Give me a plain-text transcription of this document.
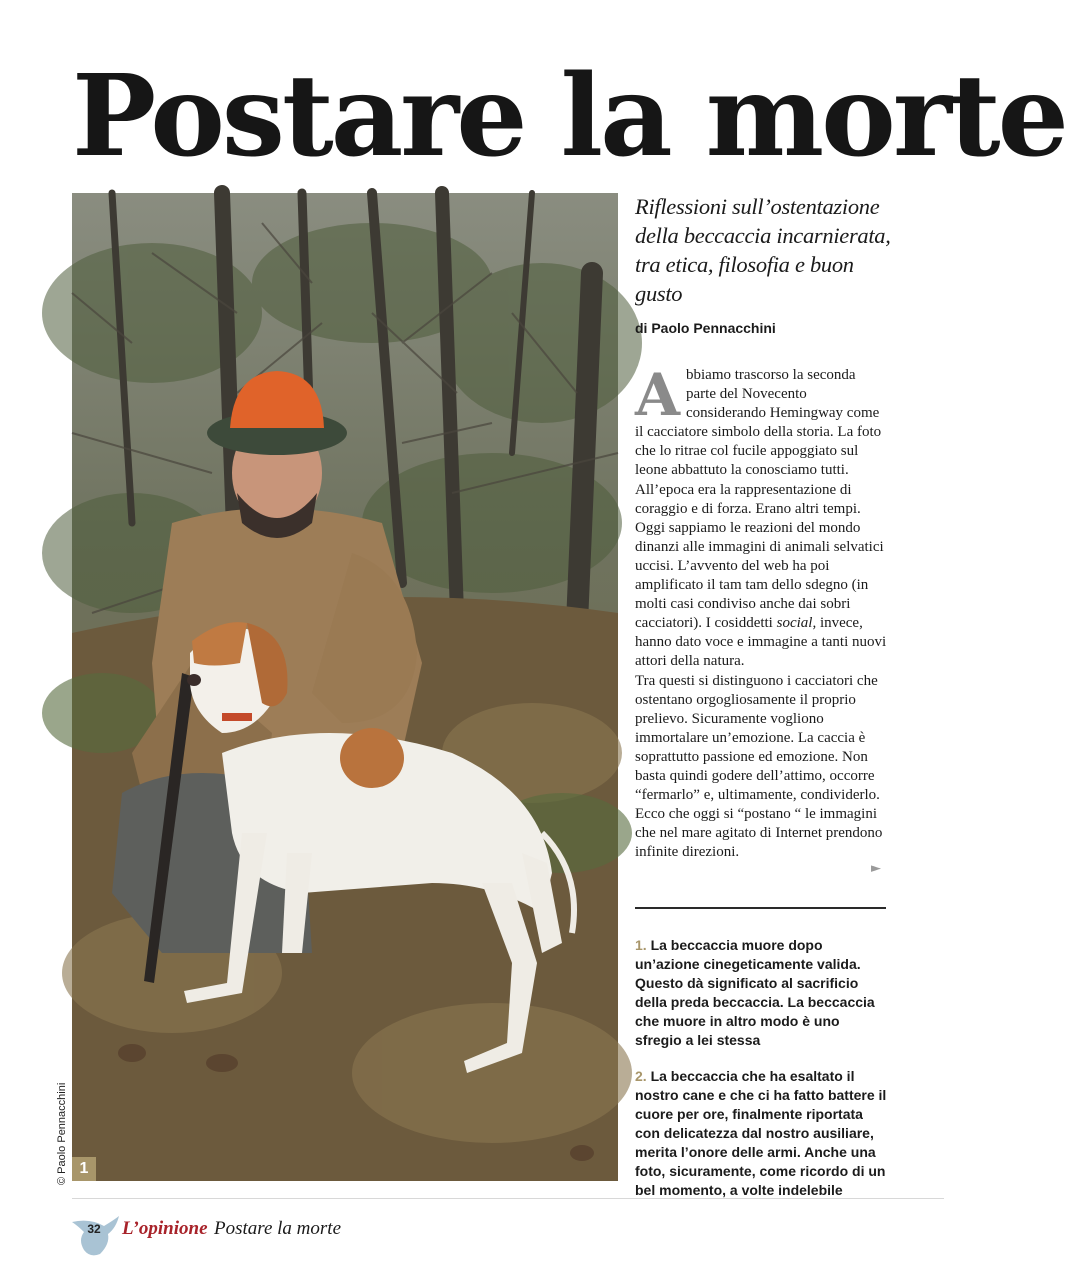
Postare la morte
1
© Paolo Pennacchini
Riflessioni sull’ostentazione della beccaccia incarnierata, tra etica, filosofia e buon gusto
di Paolo Pennacchini

Abbiamo trascorso la seconda parte del Novecento considerando Hemingway come il cacciatore simbolo della storia. La foto che lo ritrae col fucile appoggiato sul leone abbattuto la conosciamo tutti. All’epoca era la rappresentazione di coraggio e di forza. Erano altri tempi. Oggi sappiamo le reazioni del mondo dinanzi alle immagini di animali selvatici uccisi. L’avvento del web ha poi amplificato il tam tam dello sdegno (in molti casi condiviso anche dai sobri cacciatori). I cosiddetti social, invece, hanno dato voce e immagine a tanti nuovi attori della natura.

Tra questi si distinguono i cacciatori che ostentano orgogliosamente il proprio prelievo. Sicuramente vogliono immortalare un’emozione. La caccia è soprattutto passione ed emozione. Non basta quindi godere dell’attimo, occorre “fermarlo” e, ultimamente, condividerlo.

Ecco che oggi si “postano “ le immagini che nel mare agitato di Internet prendono infinite direzioni.

►

1. La beccaccia muore dopo un’azione cinegeticamente valida. Questo dà significato al sacrificio della preda beccaccia. La beccaccia che muore in altro modo è uno sfregio a lei stessa

2. La beccaccia che ha esaltato il nostro cane e che ci ha fatto battere il cuore per ore, finalmente riportata con delicatezza dal nostro ausiliare, merita l’onore delle armi. Anche una foto, sicuramente, come ricordo di un bel momento, a volte indelebile

32 L’opinione Postare la morte
